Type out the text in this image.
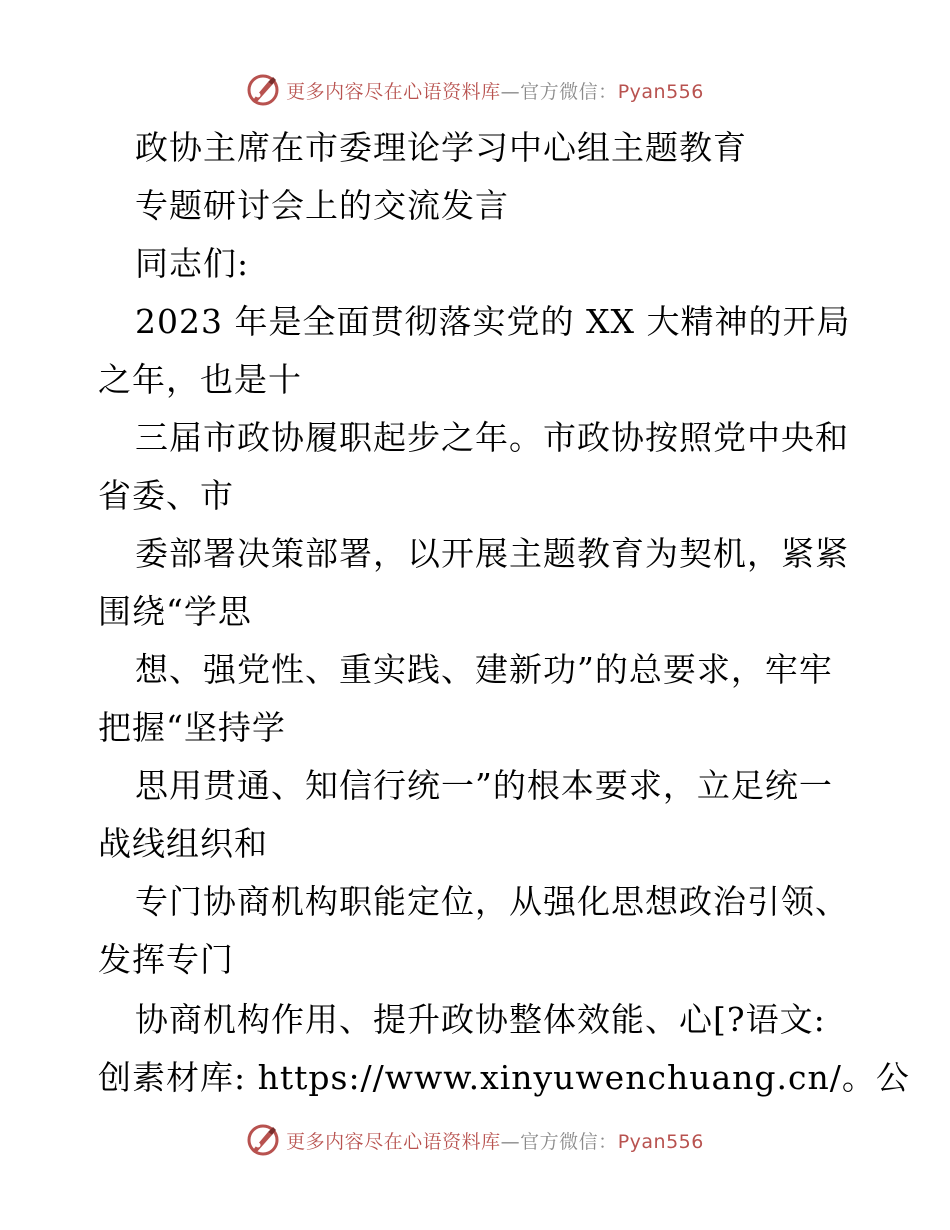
更多内容尽在心语资料库—官方微信：Pyan556
政协主席在市委理论学习中心组主题教育
专题研讨会上的交流发言
同志们:
2023 年是全面贯彻落实党的 XX 大精神的开局
之年，也是十
三届市政协履职起步之年。市政协按照党中央和
省委、市
委部署决策部署，以开展主题教育为契机，紧紧
围绕“学思
想、强党性、重实践、建新功”的总要求，牢牢
把握“坚持学
思用贯通、知信行统一”的根本要求，立足统一
战线组织和
专门协商机构职能定位，从强化思想政治引领、
发挥专门
协商机构作用、提升政协整体效能、心[?语文:
创素材库: https://www.xinyuwenchuang.cn/。公
更多内容尽在心语资料库—官方微信：Pyan556
